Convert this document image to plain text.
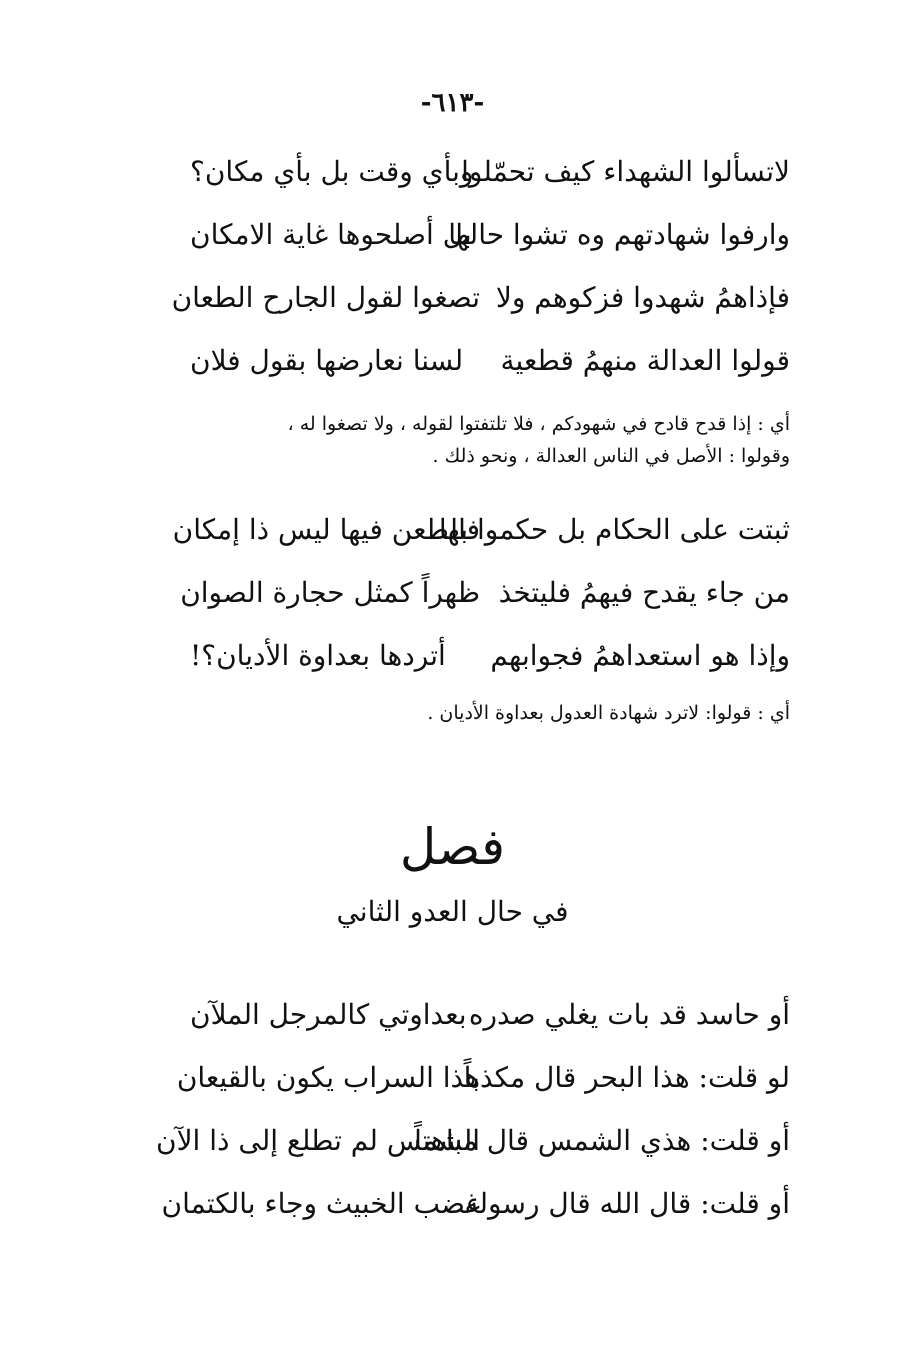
-٦١٣-
لاتسألوا الشهداء كيف تحمّلوا
وبأي وقت بل بأي مكان؟
وارفوا شهادتهم وه تشوا حالها
بل أصلحوها غاية الامكان
فإذاهمُ شهدوا فزكوهم ولا
تصغوا لقول الجارح الطعان
قولوا العدالة منهمُ قطعية
لسنا نعارضها بقول فلان
أي : إذا قدح قادح في شهودكم ، فلا تلتفتوا لقوله ، ولا تصغوا له ،
وقولوا : الأصل في الناس العدالة ، ونحو ذلك .
ثبتت على الحكام بل حكموا بها
فالطعن فيها ليس ذا إمكان
من جاء يقدح فيهمُ فليتخذ
ظهراً كمثل حجارة الصوان
وإذا هو استعداهمُ فجوابهم
أتردها بعداوة الأديان؟!
أي : قولوا: لاترد شهادة العدول بعداوة الأديان .
فصل
في حال العدو الثاني
أو حاسد قد بات يغلي صدره
بعداوتي كالمرجل الملآن
لو قلت: هذا البحر قال مكذباً
هذا السراب يكون بالقيعان
أو قلت: هذي الشمس قال مباهتاً
الشمس لم تطلع إلى ذا الآن
أو قلت: قال الله قال رسوله
غضب الخبيث وجاء بالكتمان
